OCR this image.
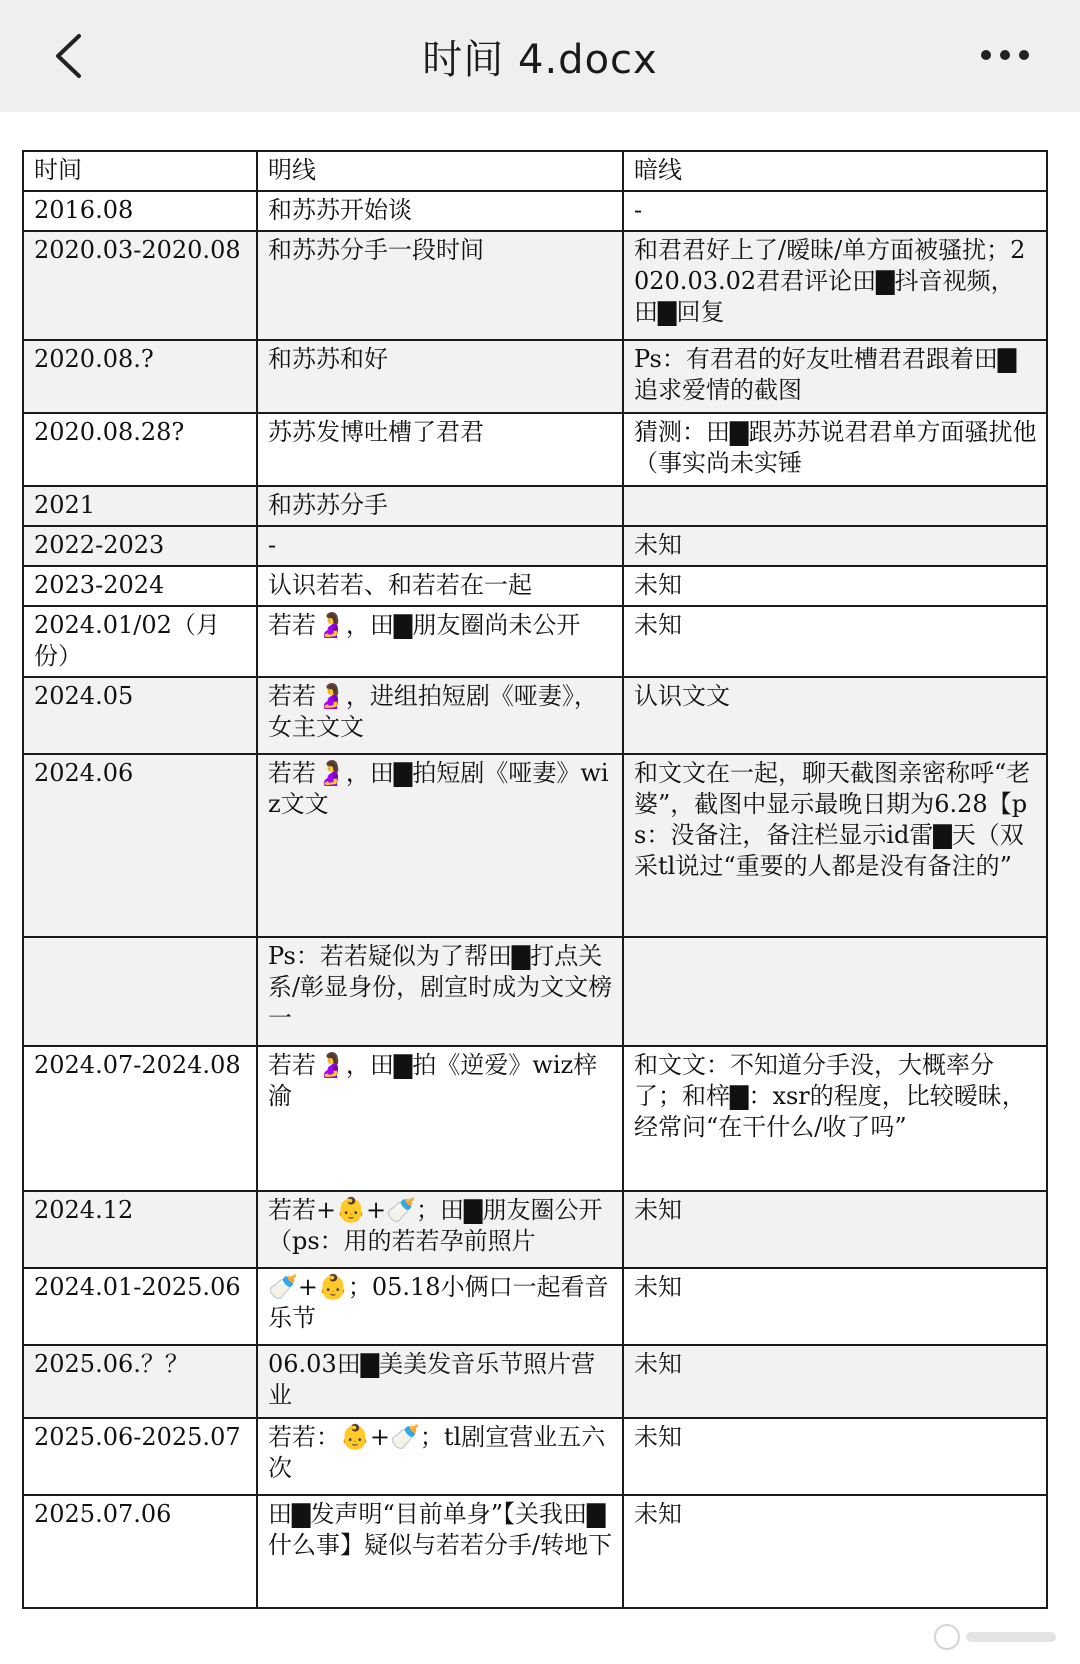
时间 4.docx
时间	明线	暗线
2016.08	和苏苏开始谈	-
2020.03-2020.08	和苏苏分手一段时间	和君君好上了/暧昧/单方面被骚扰；2020.03.02君君评论田▇抖音视频，田▇回复
2020.08.?	和苏苏和好	Ps：有君君的好友吐槽君君跟着田▇追求爱情的截图
2020.08.28?	苏苏发博吐槽了君君	猜测：田▇跟苏苏说君君单方面骚扰他（事实尚未实锤
2021	和苏苏分手	
2022-2023	-	未知
2023-2024	认识若若、和若若在一起	未知
2024.01/02（月份）	若若🤰，田▇朋友圈尚未公开	未知
2024.05	若若🤰，进组拍短剧《哑妻》，女主文文	认识文文
2024.06	若若🤰，田▇拍短剧《哑妻》wiz文文	和文文在一起，聊天截图亲密称呼“老婆”，截图中显示最晚日期为6.28【ps：没备注，备注栏显示id雷▇天（双采tl说过“重要的人都是没有备注的”
	Ps：若若疑似为了帮田▇打点关系/彰显身份，剧宣时成为文文榜一	
2024.07-2024.08	若若🤰，田▇拍《逆爱》wiz梓渝	和文文：不知道分手没，大概率分了；和梓▇：xsr的程度，比较暧昧，经常问“在干什么/收了吗”
2024.12	若若+👶+🍼；田▇朋友圈公开（ps：用的若若孕前照片	未知
2024.01-2025.06	🍼+👶；05.18小俩口一起看音乐节	未知
2025.06.？？	06.03田▇美美发音乐节照片营业	未知
2025.06-2025.07	若若：👶+🍼；tl剧宣营业五六次	未知
2025.07.06	田▇发声明“目前单身”【关我田▇什么事】疑似与若若分手/转地下	未知
